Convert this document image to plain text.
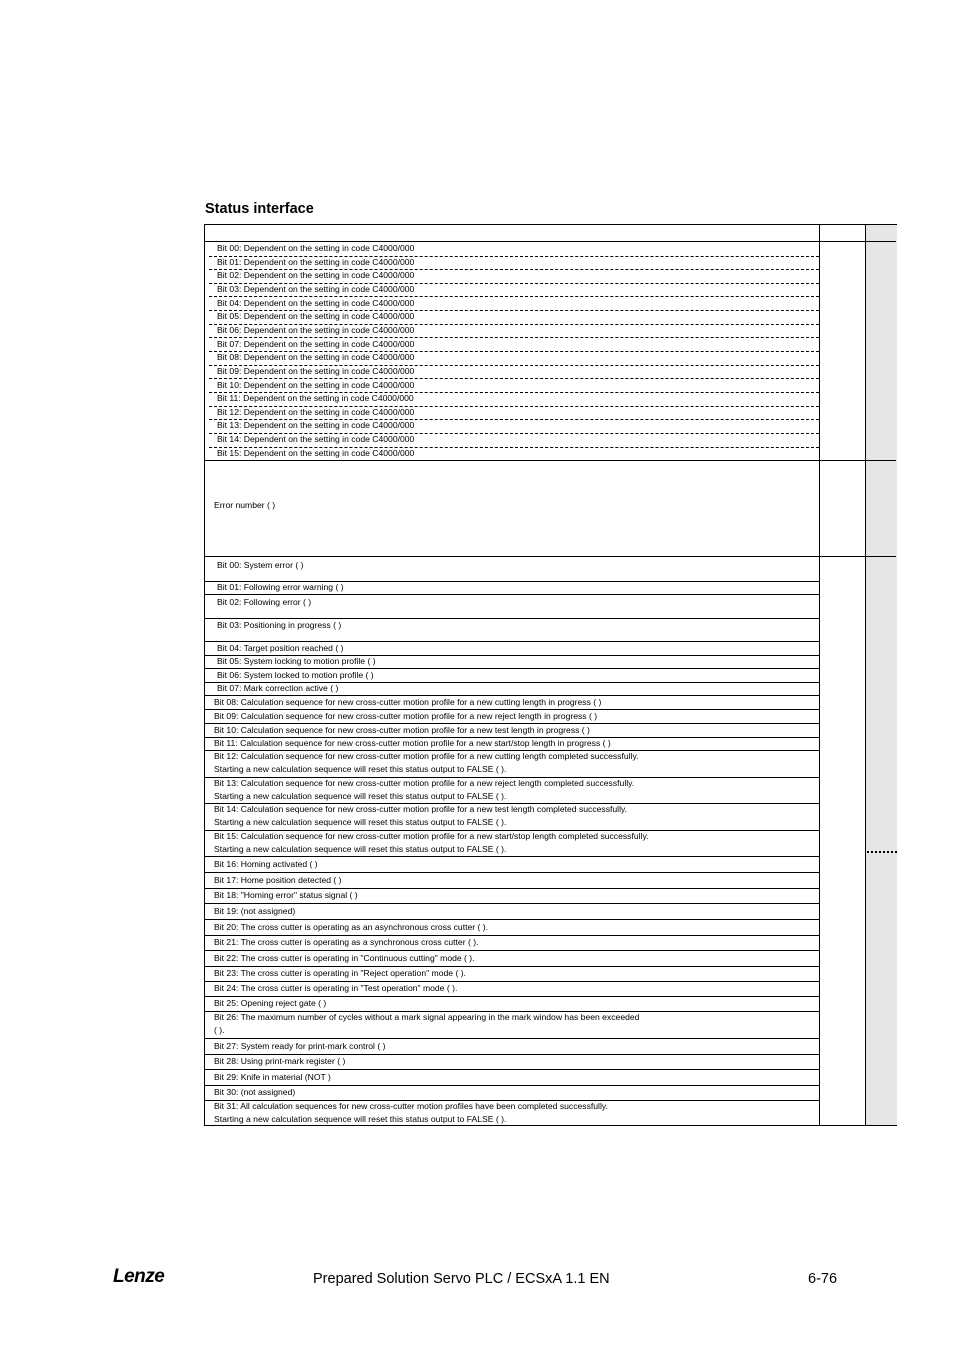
Status interface
Bit 00: Dependent on the setting in code C4000/000
Bit 01: Dependent on the setting in code C4000/000
Bit 02: Dependent on the setting in code C4000/000
Bit 03: Dependent on the setting in code C4000/000
Bit 04: Dependent on the setting in code C4000/000
Bit 05: Dependent on the setting in code C4000/000
Bit 06: Dependent on the setting in code C4000/000
Bit 07: Dependent on the setting in code C4000/000
Bit 08: Dependent on the setting in code C4000/000
Bit 09: Dependent on the setting in code C4000/000
Bit 10: Dependent on the setting in code C4000/000
Bit 11: Dependent on the setting in code C4000/000
Bit 12: Dependent on the setting in code C4000/000
Bit 13: Dependent on the setting in code C4000/000
Bit 14: Dependent on the setting in code C4000/000
Bit 15: Dependent on the setting in code C4000/000
Error number ( )
Bit 00: System error ( )
Bit 01: Following error warning ( )
Bit 02: Following error ( )
Bit 03: Positioning in progress ( )
Bit 04: Target position reached ( )
Bit 05: System locking to motion profile ( )
Bit 06: System locked to motion profile ( )
Bit 07: Mark correction active ( )
Bit 08: Calculation sequence for new cross-cutter motion profile for a new cutting length in progress ( )
Bit 09: Calculation sequence for new cross-cutter motion profile for a new reject length in progress ( )
Bit 10: Calculation sequence for new cross-cutter motion profile for a new test length in progress ( )
Bit 11: Calculation sequence for new cross-cutter motion profile for a new start/stop length in progress ( )
Bit 12: Calculation sequence for new cross-cutter motion profile for a new cutting length completed successfully.
Starting a new calculation sequence will reset this status output to FALSE ( ).
Bit 13: Calculation sequence for new cross-cutter motion profile for a new reject length completed successfully.
Starting a new calculation sequence will reset this status output to FALSE ( ).
Bit 14: Calculation sequence for new cross-cutter motion profile for a new test length completed successfully.
Starting a new calculation sequence will reset this status output to FALSE ( ).
Bit 15: Calculation sequence for new cross-cutter motion profile for a new start/stop length completed successfully.
Starting a new calculation sequence will reset this status output to FALSE ( ).
Bit 16: Homing activated ( )
Bit 17: Home position detected ( )
Bit 18: "Homing error" status signal ( )
Bit 19: (not assigned)
Bit 20: The cross cutter is operating as an asynchronous cross cutter ( ).
Bit 21: The cross cutter is operating as a synchronous cross cutter ( ).
Bit 22: The cross cutter is operating in "Continuous cutting" mode ( ).
Bit 23: The cross cutter is operating in "Reject operation" mode ( ).
Bit 24: The cross cutter is operating in "Test operation" mode ( ).
Bit 25: Opening reject gate ( )
Bit 26: The maximum number of cycles without a mark signal appearing in the mark window has been exceeded
( ).
Bit 27: System ready for print-mark control ( )
Bit 28: Using print-mark register ( )
Bit 29: Knife in material (NOT )
Bit 30: (not assigned)
Bit 31: All calculation sequences for new cross-cutter motion profiles have been completed successfully.
Starting a new calculation sequence will reset this status output to FALSE ( ).
Lenze	Prepared Solution Servo PLC / ECSxA 1.1 EN	6-76
